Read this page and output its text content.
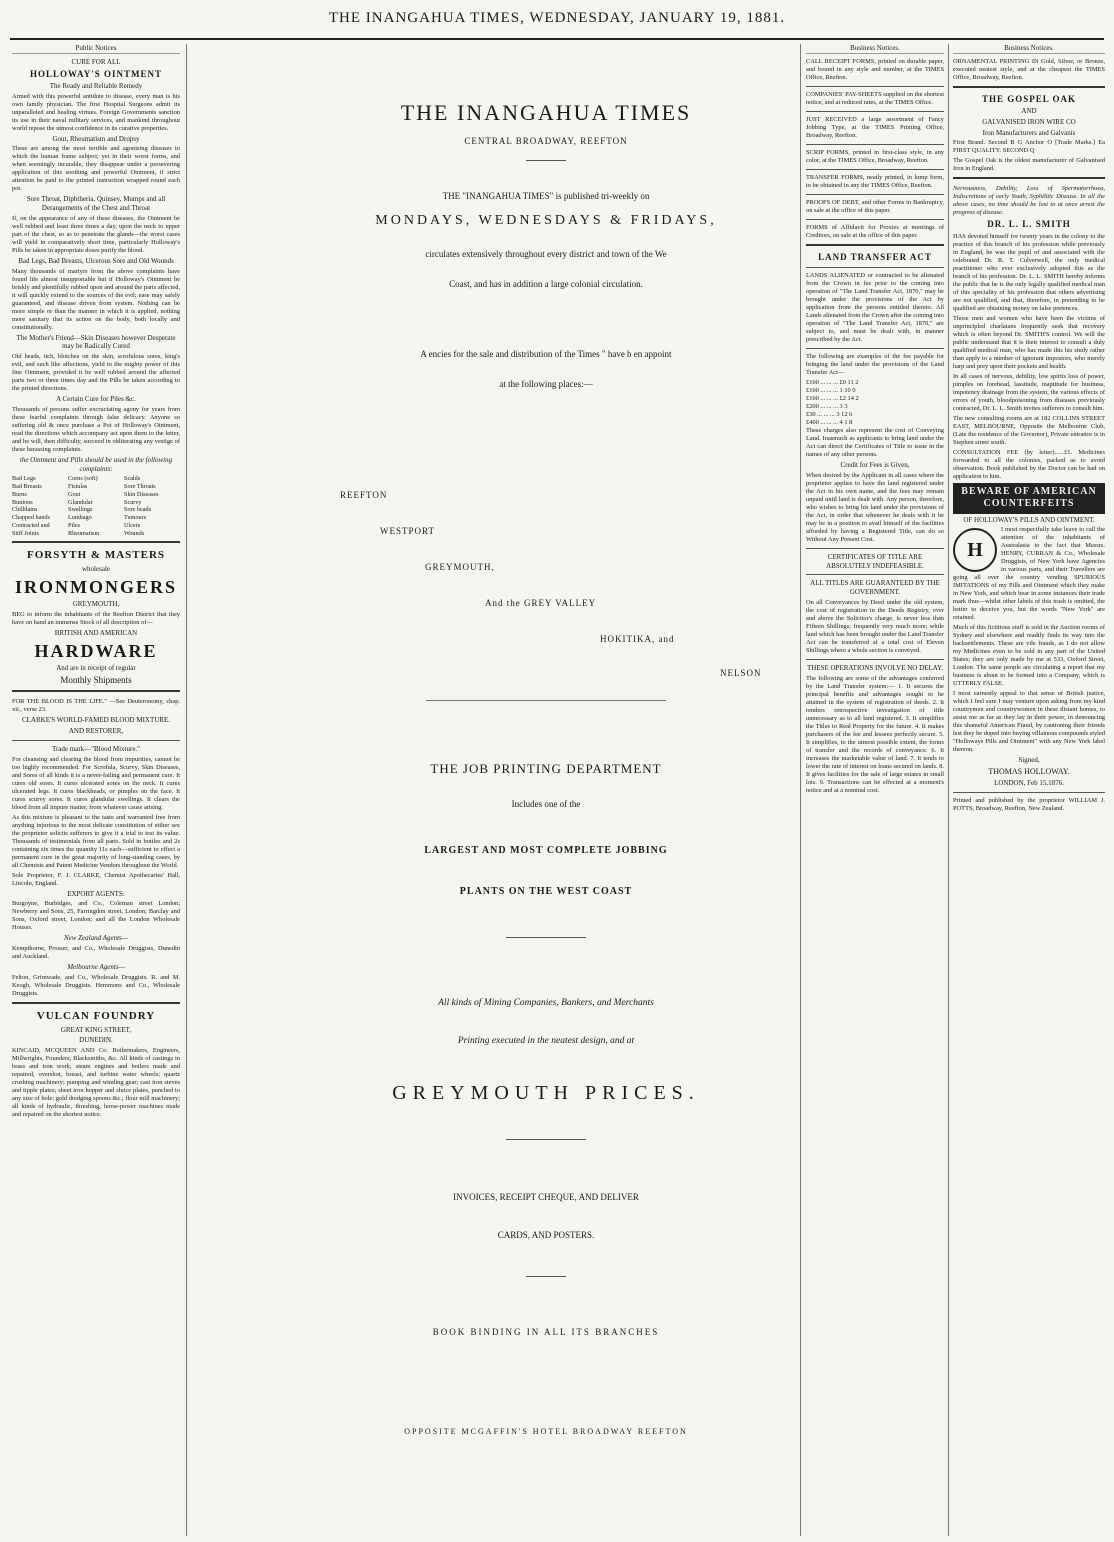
THE INANGAHUA TIMES, WEDNESDAY, JANUARY 19, 1881.
Public Notices
CURE FOR ALL
HOLLOWAY'S OINTMENT
The Ready and Reliable Remedy

Armed with this powerful antidote to disease, every man is his own family physician. The first Hospital Surgeons admit its unparalleled and healing virtues. Foreign Governments sanction its use in their naval military services, and mankind throughout world repose the utmost confidence in its curative properties.

Gout, Rheumatism and Dropsy

These are among the most terrible and agonising diseases to which the human frame subject; yet in their worst forms, and when seemingly incurable, they disappear under a persevering application of this soothing and powerful Ointment, if strict attention be paid to the printed instruction wrapped round each pot.

Sore Throat, Diphtheria, Quinsey, Mumps and all Derangements of the Chest and Throat

If, on the appearance of any of these diseases, the Ointment be well rubbed and least three times a day, upon the neck to upper part of the chest, so as to penetrate the glands—the worst cases will yield in comparatively short time, particularly Holloway's Pills be taken in appropriate doses purify the blood.

Bad Legs, Bad Breasts, Ulcerous Sore and Old Wounds

Many thousands of martyrs from the above complaints have found life almost insupportable but if Holloway's Ointment be briskly and plentifully rubbed upon and around the parts affected, it will quickly extend to the sources of the evil; ease may safely guaranteed, and disease driven from system. Nothing can be more simple or than the manner in which it is applied, nothing more sanitary that its action on the body, both locally and constitutionally.

The Mother's Friend—Skin Diseases however Desperate may be Radically Cured

Old heads, itch, blotches on the skin, scrofulous sores, king's evil, and such like affections, yield to the mighty power of this fine Ointment, provided it be well rubbed around the affected parts two or three times day and the Pills be taken according to the printed directions.

A Certain Cure for Piles &c.

Thousands of persons suffer excruciating agony for years from these fearful complaints through false delicacy. Anyone so suffering old & once purchase a Pot of Holloway's Ointment, read the directions which accompany act upon them to the letter, and he will, then difficulty, succeed in obliterating any vestige of these harassing complaints.

the Ointment and Pills should be used in the following complaints:
Bad Legs	Corns (soft)	Scalds
Bad Breasts	Fistulas	Sore Throats
Burns	Gout	Skin Diseases
Bunions	Glandular	Scurvy
Chilblains	Swellings	Sore heads
Chapped hands	Lumbago	Tumours
Contracted and	Piles	Ulcers
Stiff Joints	Rheumatism	Wounds
FORSYTH & MASTERS
wholesale
IRONMONGERS
GREYMOUTH,

BEG to inform the inhabitants of the Reefton District that they have on hand an immense Stock of all description of—

BRITISH AND AMERICAN
HARDWARE
And are in receipt of regular
Monthly Shipments

FOR THE BLOOD IS THE LIFE." —See Deuteronomy, chap. xii., verse 23.

CLARKE'S WORLD-FAMED BLOOD MIXTURE.
AND RESTORER,
Trade mark—"Blood Mixture."

For cleansing and clearing the blood from impurities, cannot be too highly recommended. For Scrofula, Scurvy, Skin Diseases, and Sores of all kinds it is a never-failing and permanent cure. It cures old sores. It cures ulcerated sores on the neck. It cures ulcerated legs. It cures blackheads, or pimples on the face. It cures scurvy sores. It cures glandular swellings. It clears the blood from all impure matter, from whatever cause arising.

As this mixture is pleasant to the taste and warranted free from anything injurious to the most delicate constitution of either sex the proprietor solicits sufferers to give it a trial to test its value. Thousands of testimonials from all parts. Sold in bottles and 2s containing six times the quantity 11s each—sufficient to effect a permanent cure in the great majority of long-standing cases, by all Chemists and Patent Medicine Vendors throughout the World.

Sole Proprietor, F. J. CLARKE, Chemist Apothecaries' Hall, Lincoln, England.

EXPORT AGENTS:

Burgoyne, Burbidges, and Co., Coleman street London; Newberry and Sons, 25, Farringdon street, London; Barclay and Sons, Oxford street, London; and all the London Wholesale Houses.

New Zealand Agents—

Kempthorne, Prosser, and Co., Wholesale Druggists, Dunedin and Auckland.

Melbourne Agents—

Felton, Grimwade, and Co., Wholesale Druggists. R. and M. Keogh, Wholesale Druggists. Hemmons and Co., Wholesale Druggists.

VULCAN FOUNDRY
GREAT KING STREET,
DUNEDIN.

KINCAID, MCQUEEN AND Co. Boilermakers, Engineers, Millwrights, Founders, Blacksmiths, &c. All kinds of castings in brass and iron work; steam engines and boilers made and repaired, overshot, breast, and turbine water wheels; quartz crushing machinery; pumping and winding gear; cast iron sieves and tipple plates; sheet iron hopper and sluice plates, punched to any size of hole; gold dredging spoons &c.; flour mill machinery; all kinds of hydraulic, threshing, horse-power machines made and repaired on the shortest notice.

THE INANGAHUA TIMES
CENTRAL BROADWAY, REEFTON
THE "INANGAHUA TIMES" is published tri-weekly on
MONDAYS, WEDNESDAYS & FRIDAYS,
circulates extensively throughout every district and town of the We
Coast, and has in addition a large colonial circulation.
A encies for the sale and distribution of the Times " have b en appoint
at the following places:—
REEFTON
WESTPORT
GREYMOUTH,
And the GREY VALLEY
HOKITIKA, and
NELSON
THE JOB PRINTING DEPARTMENT
Includes one of the
LARGEST AND MOST COMPLETE JOBBING
PLANTS ON THE WEST COAST
All kinds of Mining Companies, Bankers, and Merchants
Printing executed in the neatest design, and at
GREYMOUTH PRICES.
INVOICES, RECEIPT CHEQUE, AND DELIVER
CARDS, AND POSTERS.
BOOK BINDING IN ALL ITS BRANCHES
OPPOSITE MCGAFFIN'S HOTEL BROADWAY REEFTON
Business Notices.

CALL RECEIPT FORMS, printed on durable paper, and bound in any style and number, at the TIMES Office, Reefton.

COMPANIES' PAY-SHEETS supplied on the shortest notice, and at reduced rates, at the TIMES Office.

JUST RECEIVED a large assortment of Fancy Jobbing Type, at the TIMES Printing Office, Broadway, Reefton.

SCRIP FORMS, printed in first-class style, in any color, at the TIMES Office, Broadway, Reefton.

TRANSFER FORMS, neatly printed, in lump form, to be obtained in any the TIMES Office, Reefton.

PROOFS OF DEBT, and other Forms in Bankruptcy, on sale at the office of this paper.

FORMS of Affidavit for Proxies at meetings of Creditors, on sale at the office of this paper.

LAND TRANSFER ACT

LANDS ALIENATED or contracted to be alienated from the Crown in fee prior to the coming into operation of "The Land Transfer Act, 1870," may be brought under the provisions of the Act by application from the persons entitled thereto. All Lands alienated from the Crown after the coming into operation of "The Land Transfer Act, 1870," are subject to, and must be dealt with, in manner prescribed by the Act.

The following are examples of the fee payable for bringing the land under the provisions of the Land Transfer Act—

£100 ... ... ... £0 11 2
£100 ... ... ... 1 10 0
£100 ... ... ... £2 14 2
£200 ... ... ... 3 3
£30 ... ... ... 3 12 6
£400 ... ... ... 4 1 8

These charges also represent the cost of Conveying Land. Inasmuch as applicants to bring land under the Act can direct the Certificates of Title to issue in the names of any other persons.

Credit for Fees is Given,

When desired by the Applicant in all cases where the proprietor applies to have the land registered under the Act in his own name, and the fees may remain unpaid until land is dealt with. Any person, therefore, who wishes to bring his land under the provisions of the Act, in order that whenever he deals with it he may be in a position to avail himself of the facilities afforded by having a Registered Title, can do so Without Any Present Cost.

CERTIFICATES OF TITLE ARE ABSOLUTELY INDEFEASIBLE.
ALL TITLES ARE GUARANTEED BY THE GOVERNMENT.

On all Conveyances by Deed under the old system, the cost of registration in the Deeds Registry, over and above the Solicitor's charge, is never less than Fifteen Shillings; frequently very much more; while land which has been brought under the Land Transfer Act can be transferred at a total cost of Eleven Shillings where a whole section is conveyed.

THESE OPERATIONS INVOLVE NO DELAY.

The following are some of the advantages conferred by the Land Transfer system:— 1. It secures the principal benefits and advantages sought to be attained in the system of registration of deeds. 2. It renders retrospective investigation of title unnecessary as to all land registered. 3. It simplifies the Titles to Real Property for the future. 4. It makes purchasers of the fee and lessees perfectly secure. 5. It simplifies, to the utmost possible extent, the forms of transfer and the records of conveyance. 6. It increases the marketable value of land. 7. It tends to lower the rate of interest on loans secured on lands. 8. It gives facilities for the sale of large estates in small lots. 9. Transactions can be effected at a moment's notice and at a nominal cost.

Business Notices.

ORNAMENTAL PRINTING IN Gold, Silver, or Bronze, executed neatest style, and at the cheapest the TIMES Office, Broadway, Reefton.

THE GOSPEL OAK
AND
GALVANISED IRON WIRE CO
Iron Manufacturers and Galvanis

First Brand. Second B G Anchor O [Trade Marks.] Ea FIRST QUALITY. SECOND Q

The Gospel Oak is the oldest manufacturer of Galvanised Iron in England.

Nervousness, Debility, Loss of Spermatorrhoea, Indiscretions of early Youth, Syphilitic Disease. In all the above cases, no time should be lost to at once arrest the progress of disease.

DR. L. L. SMITH

HAS devoted himself for twenty years in the colony to the practice of this branch of his profession while previously in England, he was the pupil of and associated with the celebrated Dr. R. T. Culverwell, the only medical practitioner who ever exclusively adopted this as the branch of his profession. Dr. L. L. SMITH hereby informs the public that he is the only legally qualified medical man of this speciality of his profession that others advertising are not qualified, and that, therefore, in pretending to be qualified are obtaining money on false pretences.

Those men and women who have been the victims of unprincipled charlatans frequently seek that recovery which is often beyond Dr. SMITH'S control. We will the public understand that it is their interest to consult a duly qualified medical man, who has made this his study rather than apply to a number of ignorant impostors, who merely harp and prey upon their pockets and health.

In all cases of nervous, debility, low spirits loss of power, pimples on forehead, lassitude, inaptitude for business, impotency drainage from the system, the various effects of errors of youth, bloodpoisoning from diseases previously contracted, Dr. L. L. Smith invites sufferers to consult him.

The new consulting rooms are at 182 COLLINS STREET EAST, MELBOURNE, Opposite the Melbourne Club, (Late the residence of the Governor), Private entrance is in Stephen street south.

CONSULTATION FEE (by letter)......£1. Medicines forwarded to all the colonies, packed as to avoid observation. Book published by the Doctor can be had on application to him.

BEWARE OF AMERICAN COUNTERFEITS
OF HOLLOWAY'S PILLS AND OINTMENT.

H
I most respectfully take leave to call the attention of the inhabitants of Australasia to the fact that Messrs. HENRY, CURRAN & Co., Wholesale Druggists, of New York have Agencies in various parts, and their Travellers are going all over the country vending SPURIOUS IMITATIONS of my Pills and Ointment which they make in New York, and which bear in some instances their trade mark thus—whilst other labels of this trash is omitted, the better to deceive you, but the words "New York" are retained.

Much of this fictitious stuff is sold in the Auction rooms of Sydney and elsewhere and readily finds its way into the backsettlements. These are vile frauds, as I do not allow my Medicines even to be sold in any part of the United States; they are only made by me at 533, Oxford Street, London. The same people are circulating a report that my business is about to be formed into a Company, which is UTTERLY FALSE.

I most earnestly appeal to that sense of British justice, which I feel sure I may venture upon asking from my kind countrymen and countrywomen in these distant homes, to assist me as far as they lay in their power, in denouncing this shameful American Fraud, by cautioning their friends lest they be duped into buying villainous compounds styled "Holloways Pills and Ointment" with any New York label thereon.

Signed,
THOMAS HOLLOWAY.
LONDON, Feb 15,1876.

Printed and published by the proprietor WILLIAM J. POTTS, Broadway, Reefton, New Zealand.
